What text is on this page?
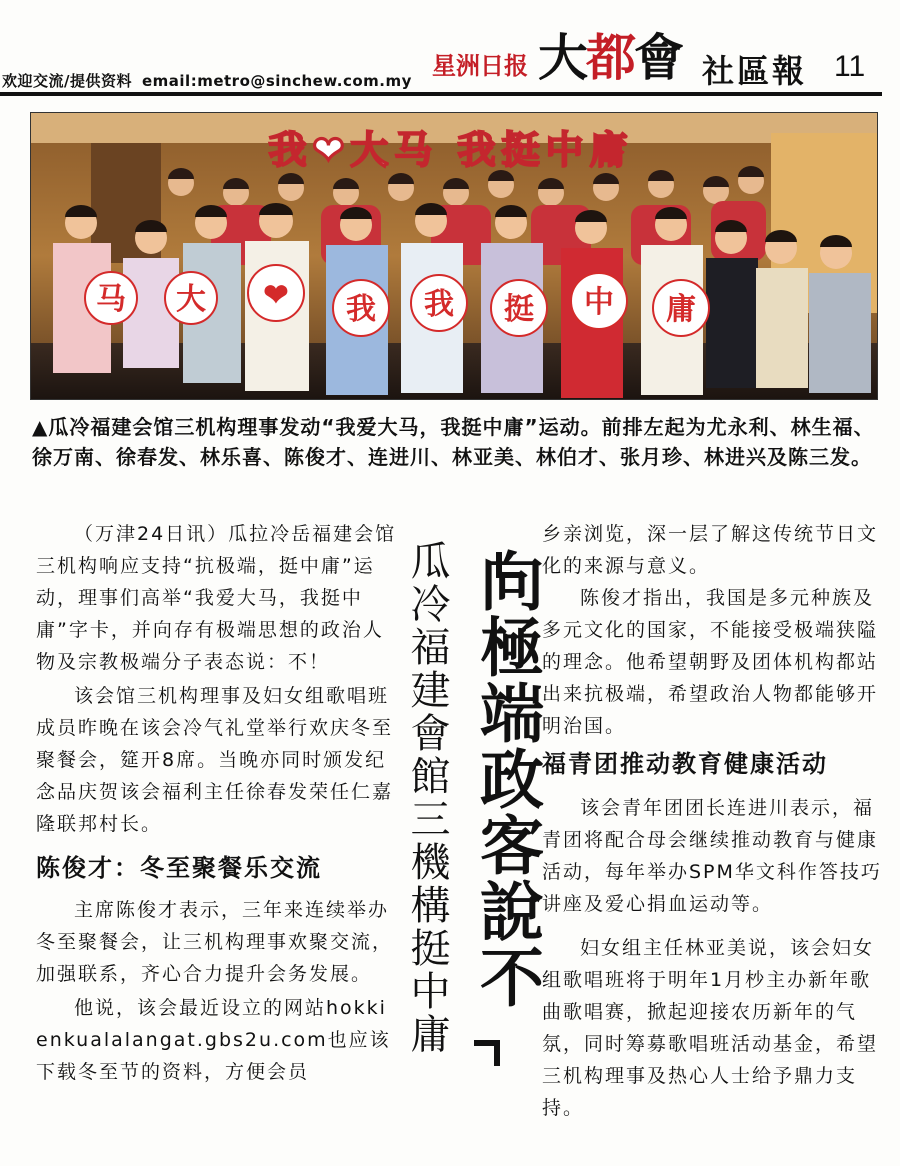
欢迎交流/提供资料 email:metro@sinchew.com.my
星洲日报 大都會 社區報 11
马 大 ❤ 我 我 挺 中 庸
我❤大马 我挺中庸
▲瓜冷福建会馆三机构理事发动“我爱大马，我挺中庸”运动。前排左起为尤永利、林生福、徐万南、徐春发、林乐喜、陈俊才、连进川、林亚美、林伯才、张月珍、林进兴及陈三发。

（万津24日讯）瓜拉冷岳福建会馆三机构响应支持“抗极端，挺中庸”运动，理事们高举“我爱大马，我挺中庸”字卡，并向存有极端思想的政治人物及宗教极端分子表态说：不！

该会馆三机构理事及妇女组歌唱班成员昨晚在该会冷气礼堂举行欢庆冬至聚餐会，筵开8席。当晚亦同时颁发纪念品庆贺该会福利主任徐春发荣任仁嘉隆联邦村长。

陈俊才：冬至聚餐乐交流

主席陈俊才表示，三年来连续举办冬至聚餐会，让三机构理事欢聚交流，加强联系，齐心合力提升会务发展。

他说，该会最近设立的网站hokkienkualalangat.gbs2u.com也应该下载冬至节的资料，方便会员

瓜冷福建會館三機構挺中庸 向極端政客說不

乡亲浏览，深一层了解这传统节日文化的来源与意义。

陈俊才指出，我国是多元种族及多元文化的国家，不能接受极端狭隘的理念。他希望朝野及团体机构都站出来抗极端，希望政治人物都能够开明治国。

福青团推动教育健康活动

该会青年团团长连进川表示，福青团将配合母会继续推动教育与健康活动，每年举办SPM华文科作答技巧讲座及爱心捐血运动等。

妇女组主任林亚美说，该会妇女组歌唱班将于明年1月杪主办新年歌曲歌唱赛，掀起迎接农历新年的气氛，同时筹募歌唱班活动基金，希望三机构理事及热心人士给予鼎力支持。
